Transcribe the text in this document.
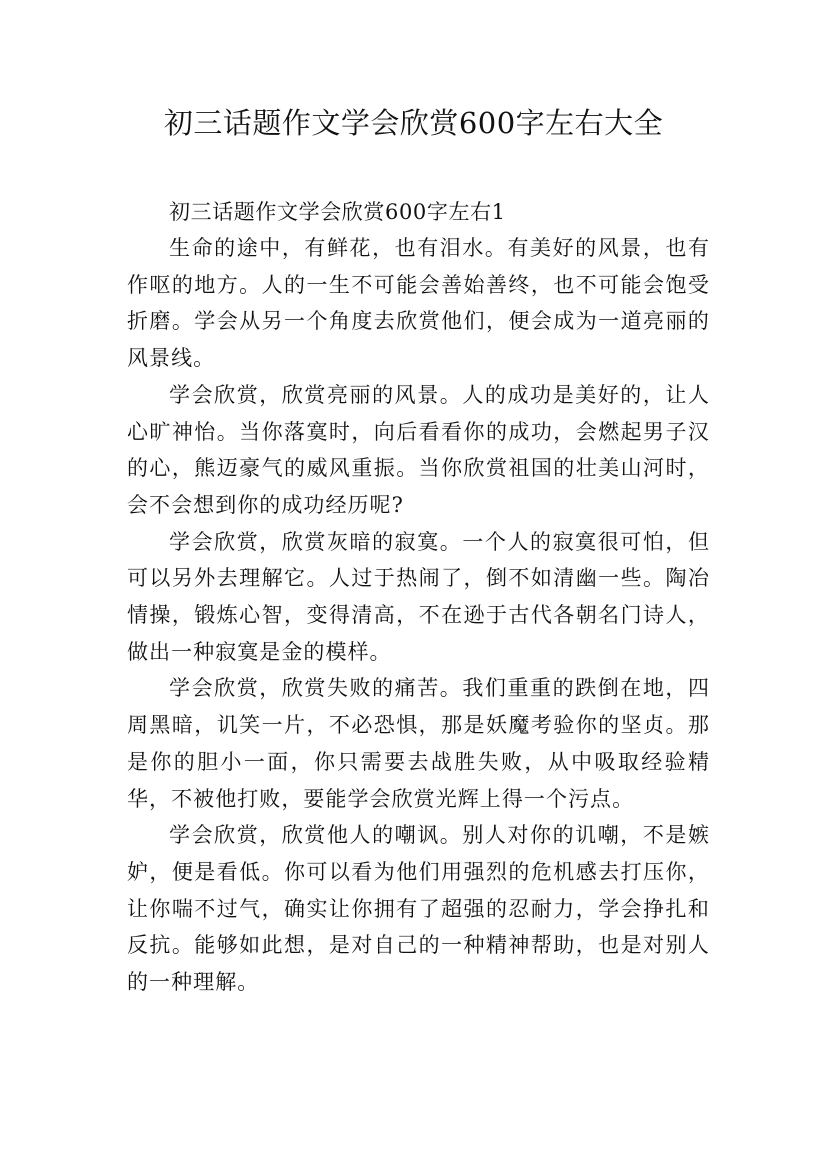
初三话题作文学会欣赏600字左右大全

初三话题作文学会欣赏600字左右1

生命的途中，有鲜花，也有泪水。有美好的风景，也有作呕的地方。人的一生不可能会善始善终，也不可能会饱受折磨。学会从另一个角度去欣赏他们，便会成为一道亮丽的风景线。

学会欣赏，欣赏亮丽的风景。人的成功是美好的，让人心旷神怡。当你落寞时，向后看看你的成功，会燃起男子汉的心，熊迈豪气的威风重振。当你欣赏祖国的壮美山河时，会不会想到你的成功经历呢?

学会欣赏，欣赏灰暗的寂寞。一个人的寂寞很可怕，但可以另外去理解它。人过于热闹了，倒不如清幽一些。陶冶情操，锻炼心智，变得清高，不在逊于古代各朝名门诗人，做出一种寂寞是金的模样。

学会欣赏，欣赏失败的痛苦。我们重重的跌倒在地，四周黑暗，讥笑一片，不必恐惧，那是妖魔考验你的坚贞。那是你的胆小一面，你只需要去战胜失败，从中吸取经验精华，不被他打败，要能学会欣赏光辉上得一个污点。

学会欣赏，欣赏他人的嘲讽。别人对你的讥嘲，不是嫉妒，便是看低。你可以看为他们用强烈的危机感去打压你，让你喘不过气，确实让你拥有了超强的忍耐力，学会挣扎和反抗。能够如此想，是对自己的一种精神帮助，也是对别人的一种理解。
